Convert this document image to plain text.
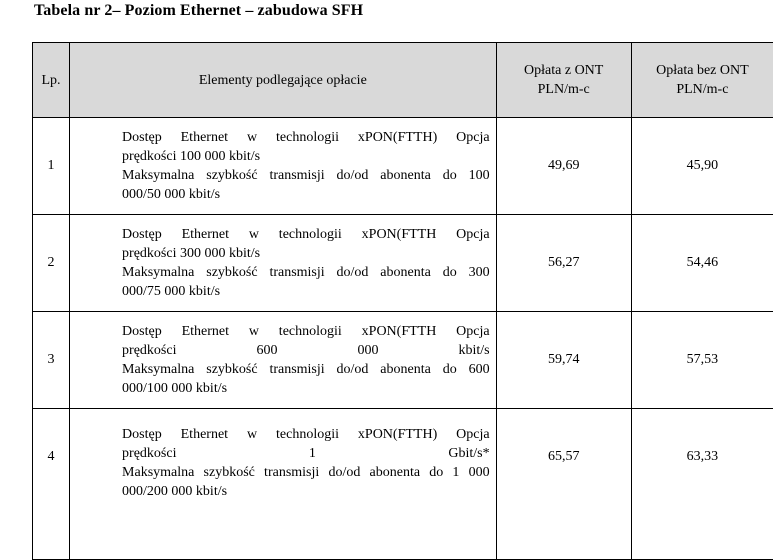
Tabela nr 2– Poziom Ethernet – zabudowa SFH
Lp.	Elementy podlegające opłacie	Opłata z ONT
PLN/m-c	Opłata bez ONT
PLN/m-c

1	Dostęp Ethernet w technologii xPON(FTTH) Opcja
prędkości 100 000 kbit/s
Maksymalna szybkość transmisji do/od abonenta do 100
000/50 000 kbit/s	49,69	45,90
2	Dostęp Ethernet w technologii xPON(FTTH Opcja
prędkości 300 000 kbit/s
Maksymalna szybkość transmisji do/od abonenta do 300
000/75 000 kbit/s	56,27	54,46
3	Dostęp Ethernet w technologii xPON(FTTH Opcja
prędkości 600 000 kbit/s
Maksymalna szybkość transmisji do/od abonenta do 600
000/100 000 kbit/s	59,74	57,53
4	Dostęp Ethernet w technologii xPON(FTTH) Opcja
prędkości 1 Gbit/s*
Maksymalna szybkość transmisji do/od abonenta do 1 000
000/200 000 kbit/s	65,57	63,33
